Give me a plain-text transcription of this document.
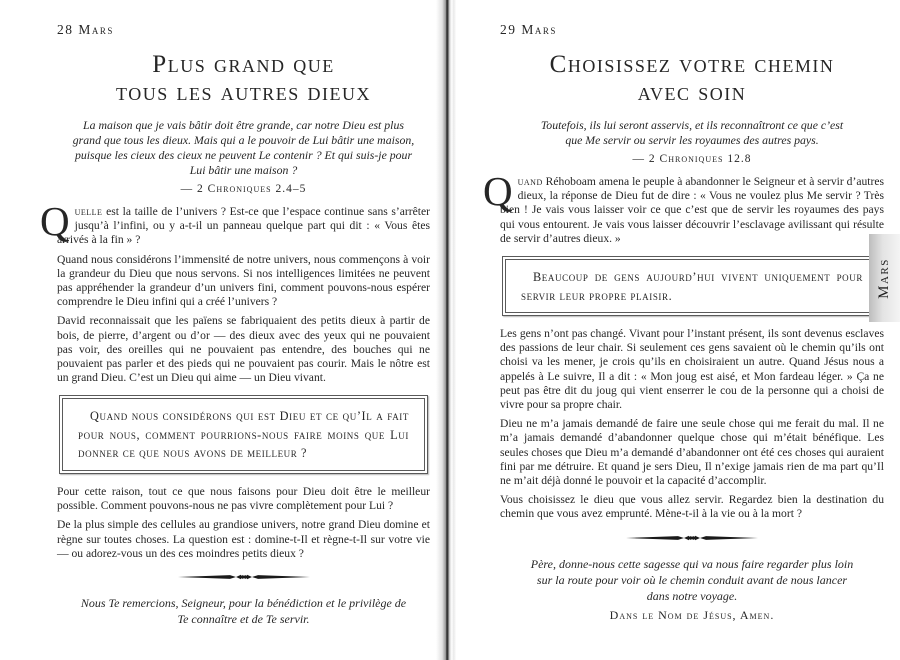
28 Mars
Plus grand que
tous les autres dieux
La maison que je vais bâtir doit être grande, car notre Dieu est plus grand que tous les dieux. Mais qui a le pouvoir de Lui bâtir une maison, puisque les cieux des cieux ne peuvent Le contenir ? Et qui suis-je pour Lui bâtir une maison ?
— 2 Chroniques 2.4–5

Quelle est la taille de l’univers ? Est-ce que l’espace continue sans s’arrêter jusqu’à l’infini, ou y a-t-il un panneau quelque part qui dit : « Vous êtes arrivés à la fin » ?

Quand nous considérons l’immensité de notre univers, nous commençons à voir la grandeur du Dieu que nous servons. Si nos intelligences limitées ne peuvent pas appréhender la grandeur d’un univers fini, comment pouvons-nous espérer comprendre le Dieu infini qui a créé l’univers ?

David reconnaissait que les païens se fabriquaient des petits dieux à partir de bois, de pierre, d’argent ou d’or — des dieux avec des yeux qui ne pouvaient pas voir, des oreilles qui ne pouvaient pas entendre, des bouches qui ne pouvaient pas parler et des pieds qui ne pouvaient pas courir. Mais le nôtre est un grand Dieu. C’est un Dieu qui aime — un Dieu vivant.

Quand nous considérons qui est Dieu et ce qu’Il a fait pour nous, comment pourrions-nous faire moins que Lui donner ce que nous avons de meilleur ?

Pour cette raison, tout ce que nous faisons pour Dieu doit être le meilleur possible. Comment pouvons-nous ne pas vivre complètement pour Lui ?

De la plus simple des cellules au grandiose univers, notre grand Dieu domine et règne sur toutes choses. La question est : domine-t-Il et règne-t-Il sur votre vie — ou adorez-vous un des ces moindres petits dieux ?

Nous Te remercions, Seigneur, pour la bénédiction et le privilège de Te connaître et de Te servir.
29 Mars
Choisissez votre chemin
avec soin
Toutefois, ils lui seront asservis, et ils reconnaîtront ce que c’est que Me servir ou servir les royaumes des autres pays.
— 2 Chroniques 12.8

Quand Réhoboam amena le peuple à abandonner le Seigneur et à servir d’autres dieux, la réponse de Dieu fut de dire : « Vous ne voulez plus Me servir ? Très bien ! Je vais vous laisser voir ce que c’est que de servir les royaumes des pays qui vous entourent. Je vais vous laisser découvrir l’esclavage avilissant qui résulte de servir d’autres dieux. »

Beaucoup de gens aujourd’hui vivent uniquement pour servir leur propre plaisir.

Les gens n’ont pas changé. Vivant pour l’instant présent, ils sont devenus esclaves des passions de leur chair. Si seulement ces gens savaient où le chemin qu’ils ont choisi va les mener, je crois qu’ils en choisiraient un autre. Quand Jésus nous a appelés à Le suivre, Il a dit : « Mon joug est aisé, et Mon fardeau léger. » Ça ne peut pas être dit du joug qui vient enserrer le cou de la personne qui a choisi de vivre pour sa propre chair.

Dieu ne m’a jamais demandé de faire une seule chose qui me ferait du mal. Il ne m’a jamais demandé d’abandonner quelque chose qui m’était bénéfique. Les seules choses que Dieu m’a demandé d’abandonner ont été ces choses qui auraient fini par me détruire. Et quand je sers Dieu, Il n’exige jamais rien de ma part qu’Il ne m’ait déjà donné le pouvoir et la capacité d’accomplir.

Vous choisissez le dieu que vous allez servir. Regardez bien la destination du chemin que vous avez emprunté. Mène-t-il à la vie ou à la mort ?

Père, donne-nous cette sagesse qui va nous faire regarder plus loin sur la route pour voir où le chemin conduit avant de nous lancer dans notre voyage.
Dans le Nom de Jésus, Amen.
Mars
